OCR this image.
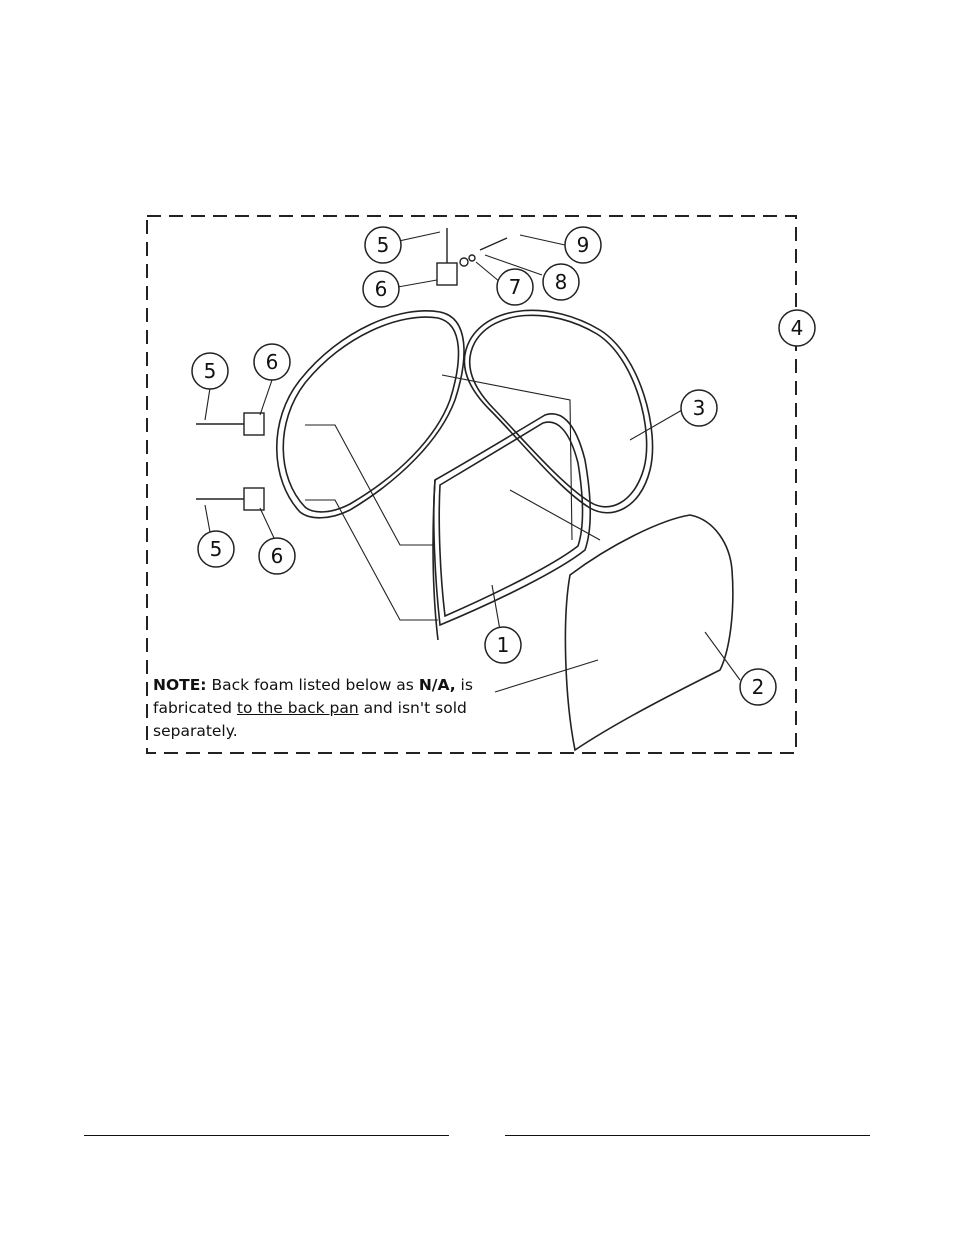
1
2
3
4
5
6	7 8
9
5 6
5 6
NOTE: Back foam listed below as N/A, is fabricated to the back pan and isn't sold separately.
